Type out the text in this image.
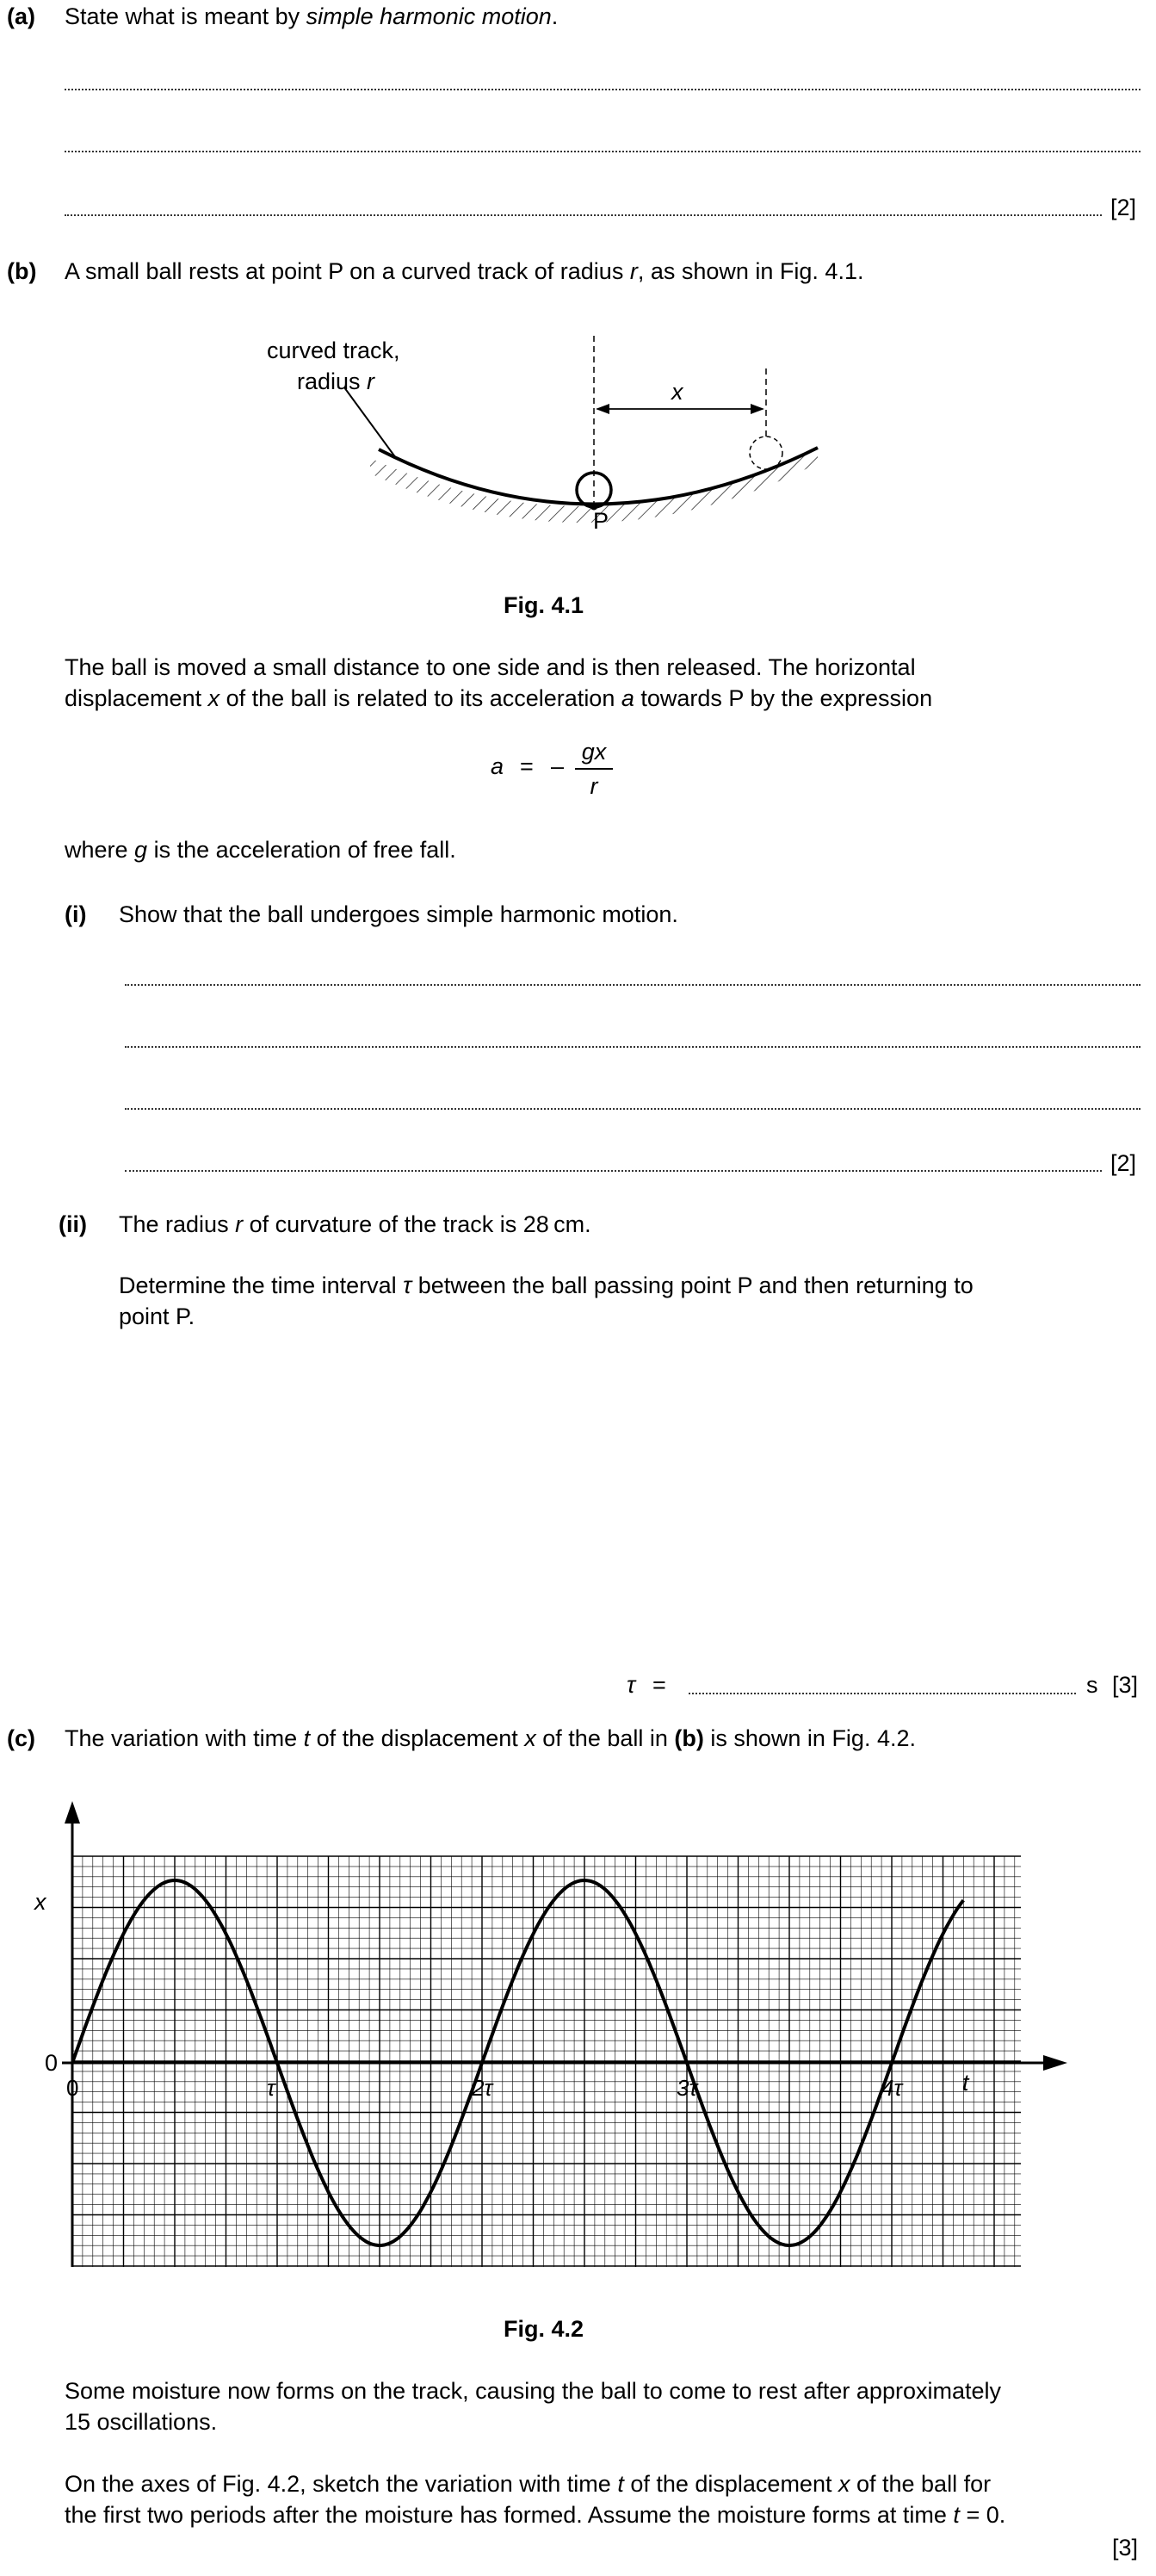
(a) State what is meant by simple harmonic motion.
[2]
(b) A small ball rests at point P on a curved track of radius r, as shown in Fig. 4.1.
curved track,
radius r	x
P
Fig. 4.1
The ball is moved a small distance to one side and is then released. The horizontal
displacement x of the ball is related to its acceleration a towards P by the expression
a = –
gx
r
where g is the acceleration of free fall.
(i) Show that the ball undergoes simple harmonic motion.
[2]
(ii) The radius r of curvature of the track is 28 cm.
Determine the time interval τ between the ball passing point P and then returning to
point P.
τ =	s [3]
(c) The variation with time t of the displacement x of the ball in (b) is shown in Fig. 4.2.
x
t
0
0	τ	2τ	3τ	4τ
Fig. 4.2
Some moisture now forms on the track, causing the ball to come to rest after approximately
15 oscillations.
On the axes of Fig. 4.2, sketch the variation with time t of the displacement x of the ball for
the first two periods after the moisture has formed. Assume the moisture forms at time t = 0.
[3]
